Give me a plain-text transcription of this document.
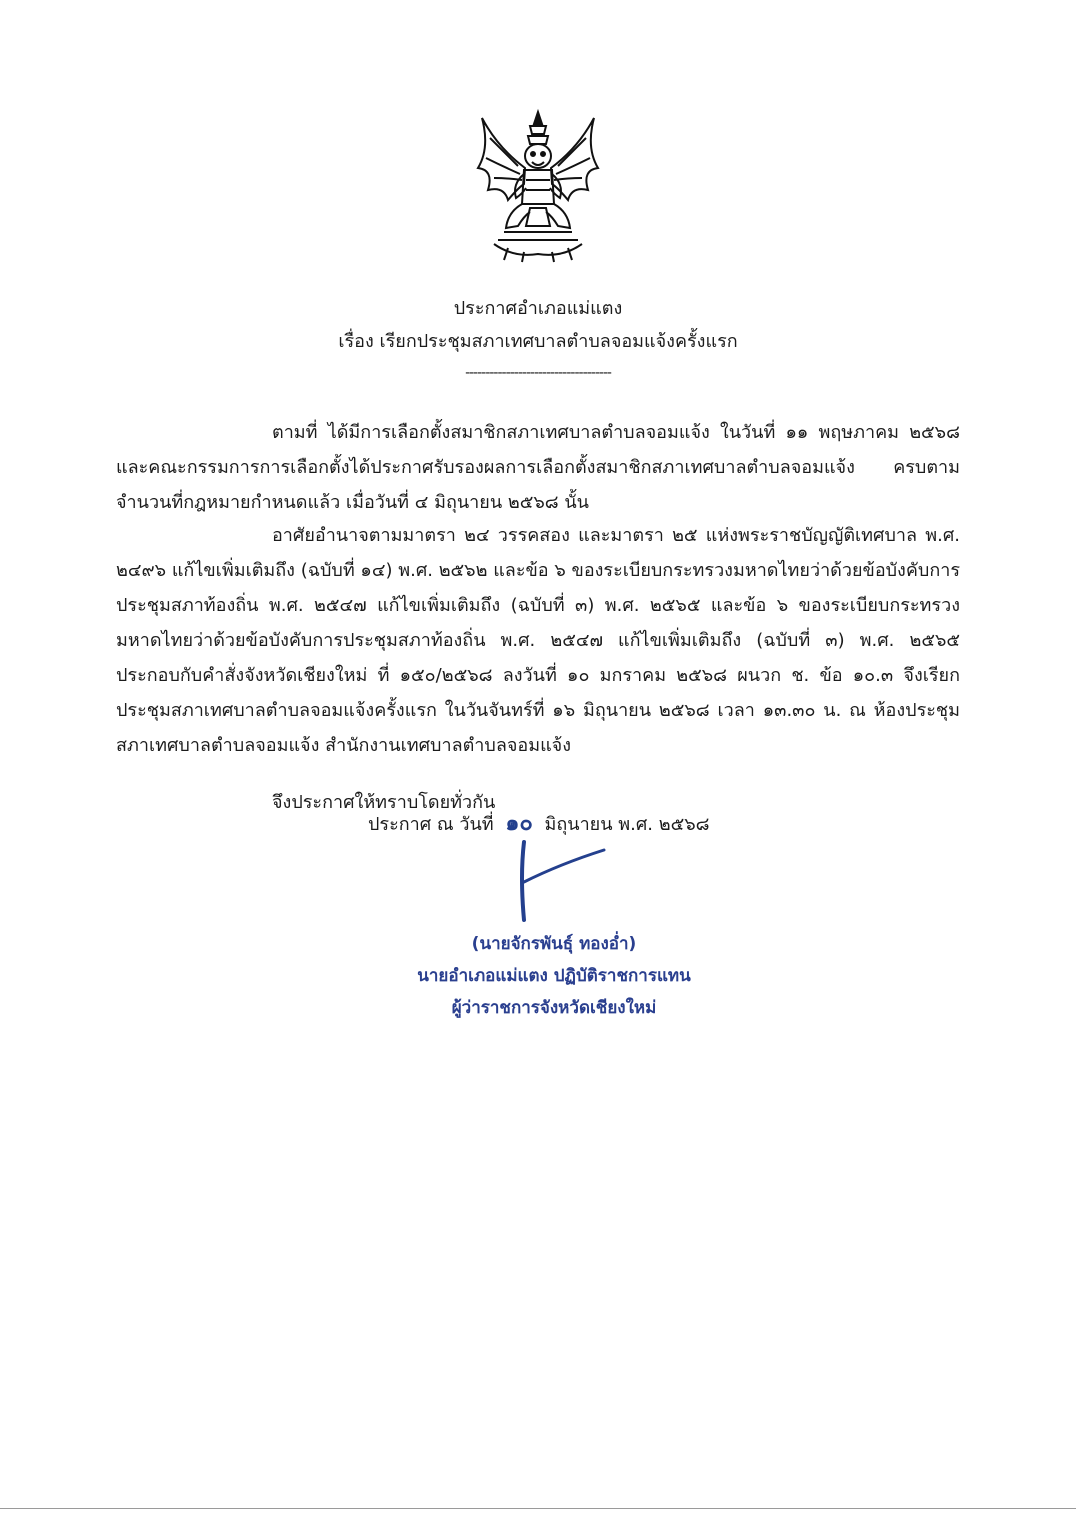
ประกาศอำเภอแม่แตง
เรื่อง เรียกประชุมสภาเทศบาลตำบลจอมแจ้งครั้งแรก
------------------------------------

ตามที่ ได้มีการเลือกตั้งสมาชิกสภาเทศบาลตำบลจอมแจ้ง ในวันที่ ๑๑ พฤษภาคม ๒๕๖๘ และคณะกรรมการการเลือกตั้งได้ประกาศรับรองผลการเลือกตั้งสมาชิกสภาเทศบาลตำบลจอมแจ้ง ครบตามจำนวนที่กฎหมายกำหนดแล้ว เมื่อวันที่ ๔ มิถุนายน ๒๕๖๘ นั้น

อาศัยอำนาจตามมาตรา ๒๔ วรรคสอง และมาตรา ๒๕ แห่งพระราชบัญญัติเทศบาล พ.ศ. ๒๔๙๖ แก้ไขเพิ่มเติมถึง (ฉบับที่ ๑๔) พ.ศ. ๒๕๖๒ และข้อ ๖ ของระเบียบกระทรวงมหาดไทยว่าด้วยข้อบังคับการประชุมสภาท้องถิ่น พ.ศ. ๒๕๔๗ แก้ไขเพิ่มเติมถึง (ฉบับที่ ๓) พ.ศ. ๒๕๖๕ และข้อ ๖ ของระเบียบกระทรวงมหาดไทยว่าด้วยข้อบังคับการประชุมสภาท้องถิ่น พ.ศ. ๒๕๔๗ แก้ไขเพิ่มเติมถึง (ฉบับที่ ๓) พ.ศ. ๒๕๖๕ ประกอบกับคำสั่งจังหวัดเชียงใหม่ ที่ ๑๕๐/๒๕๖๘ ลงวันที่ ๑๐ มกราคม ๒๕๖๘ ผนวก ช. ข้อ ๑๐.๓ จึงเรียกประชุมสภาเทศบาลตำบลจอมแจ้งครั้งแรก ในวันจันทร์ที่ ๑๖ มิถุนายน ๒๕๖๘ เวลา ๑๓.๓๐ น. ณ ห้องประชุมสภาเทศบาลตำบลจอมแจ้ง สำนักงานเทศบาลตำบลจอมแจ้ง

จึงประกาศให้ทราบโดยทั่วกัน

ประกาศ ณ วันที่ ๑๐ มิถุนายน พ.ศ. ๒๕๖๘
(นายจักรพันธุ์ ทองอ่ำ)
นายอำเภอแม่แตง ปฏิบัติราชการแทน
ผู้ว่าราชการจังหวัดเชียงใหม่
